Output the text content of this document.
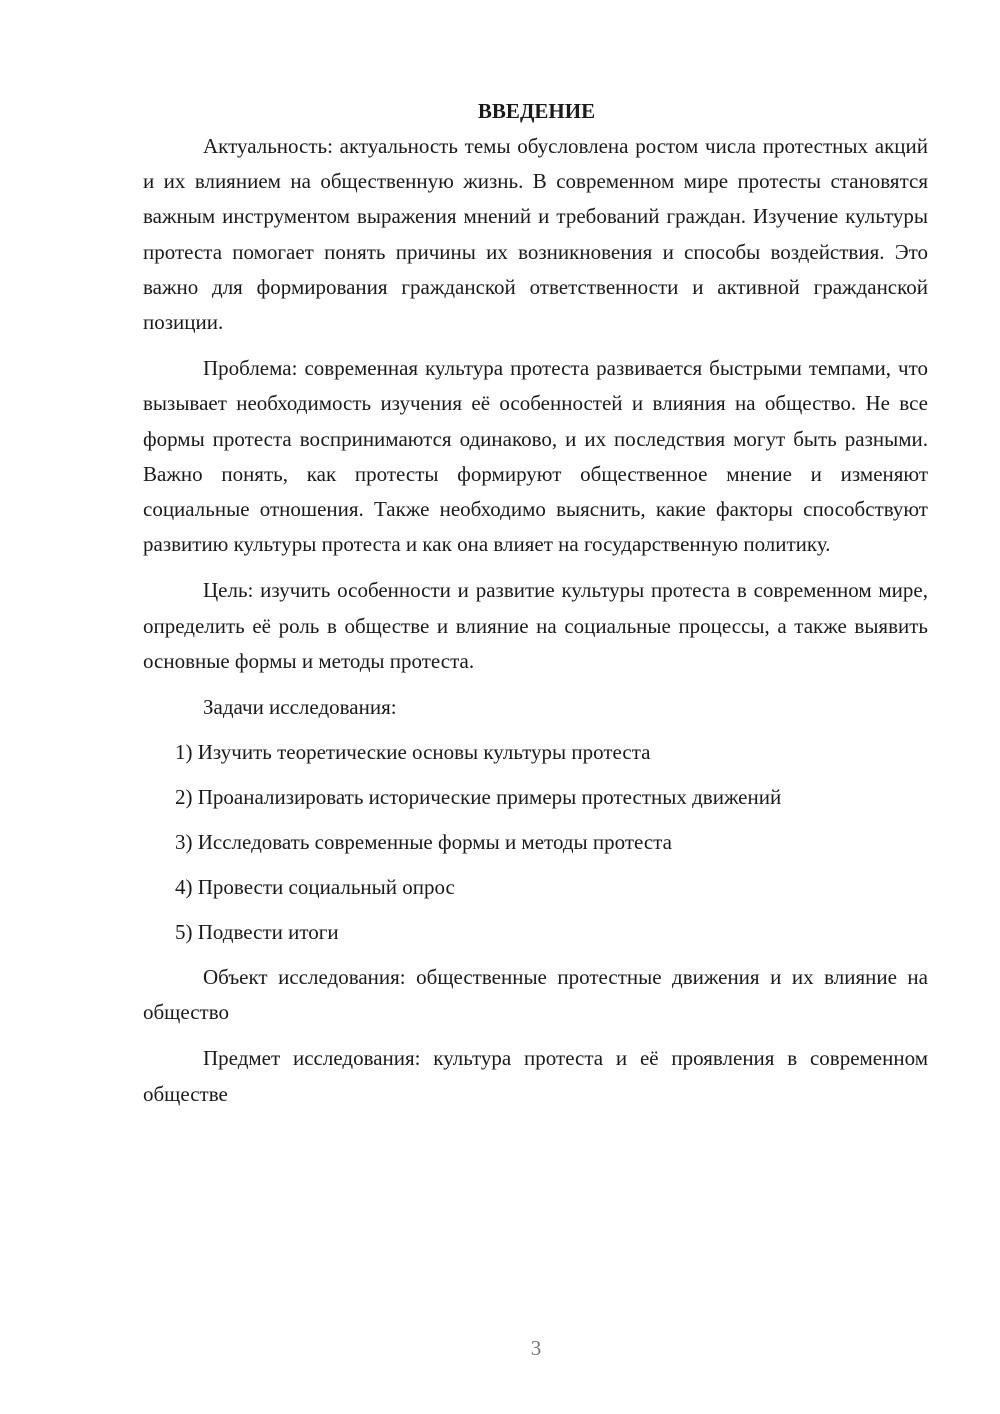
ВВЕДЕНИЕ

Актуальность: актуальность темы обусловлена ростом числа протестных акций и их влиянием на общественную жизнь. В современном мире протесты становятся важным инструментом выражения мнений и требований граждан. Изучение культуры протеста помогает понять причины их возникновения и способы воздействия. Это важно для формирования гражданской ответственности и активной гражданской позиции.

Проблема: современная культура протеста развивается быстрыми темпами, что вызывает необходимость изучения её особенностей и влияния на общество. Не все формы протеста воспринимаются одинаково, и их последствия могут быть разными. Важно понять, как протесты формируют общественное мнение и изменяют социальные отношения. Также необходимо выяснить, какие факторы способствуют развитию культуры протеста и как она влияет на государственную политику.

Цель: изучить особенности и развитие культуры протеста в современном мире, определить её роль в обществе и влияние на социальные процессы, а также выявить основные формы и методы протеста.

Задачи исследования:
1) Изучить теоретические основы культуры протеста
2) Проанализировать исторические примеры протестных движений
3) Исследовать современные формы и методы протеста
4) Провести социальный опрос
5) Подвести итоги

Объект исследования: общественные протестные движения и их влияние на общество

Предмет исследования: культура протеста и её проявления в современном обществе

3
